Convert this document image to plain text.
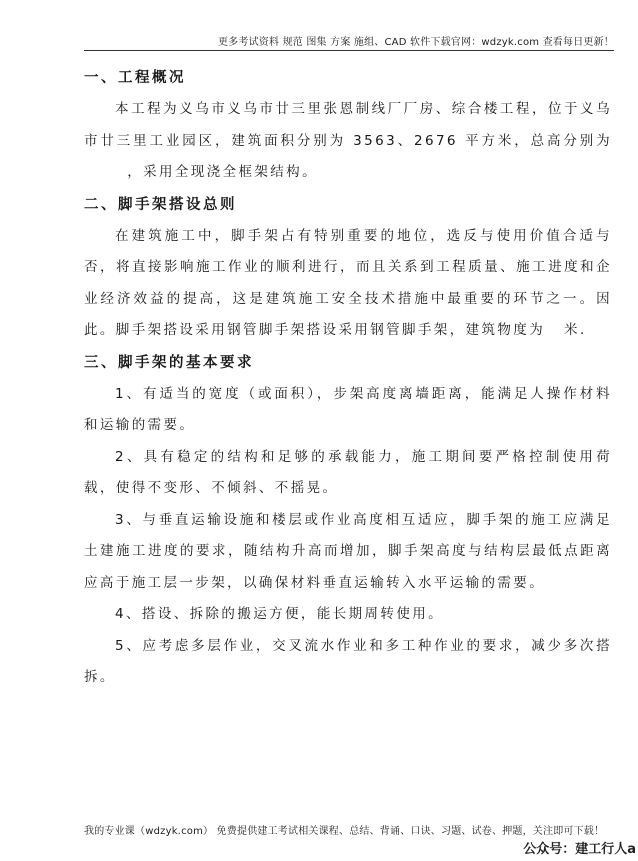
更多考试资料 规范 图集 方案 施组、CAD 软件下载官网：wdzyk.com 查看每日更新！

一、工程概况

本工程为义乌市义乌市廿三里张恩制线厂厂房、综合楼工程，位于义乌市廿三里工业园区，建筑面积分别为 3563、2676 平方米，总高分别为，采用全现浇全框架结构。

二、脚手架搭设总则

在建筑施工中，脚手架占有特别重要的地位，选反与使用价值合适与否，将直接影响施工作业的顺利进行，而且关系到工程质量、施工进度和企业经济效益的提高，这是建筑施工安全技术措施中最重要的环节之一。因此。脚手架搭设采用钢管脚手架搭设采用钢管脚手架，建筑物度为 米.

三、脚手架的基本要求

1、有适当的宽度（或面积），步架高度离墙距离，能满足人操作材料和运输的需要。

2、具有稳定的结构和足够的承载能力，施工期间要严格控制使用荷载，使得不变形、不倾斜、不摇晃。

3、与垂直运输设施和楼层或作业高度相互适应，脚手架的施工应满足土建施工进度的要求，随结构升高而增加，脚手架高度与结构层最低点距离应高于施工层一步架，以确保材料垂直运输转入水平运输的需要。

4、搭设、拆除的搬运方便，能长期周转使用。

5、应考虑多层作业，交叉流水作业和多工种作业的要求，减少多次搭拆。

我的专业课（wdzyk.com） 免费提供建工考试相关课程、总结、背诵、口诀、习题、试卷、押题，关注即可下载！
公众号：建工行人a
